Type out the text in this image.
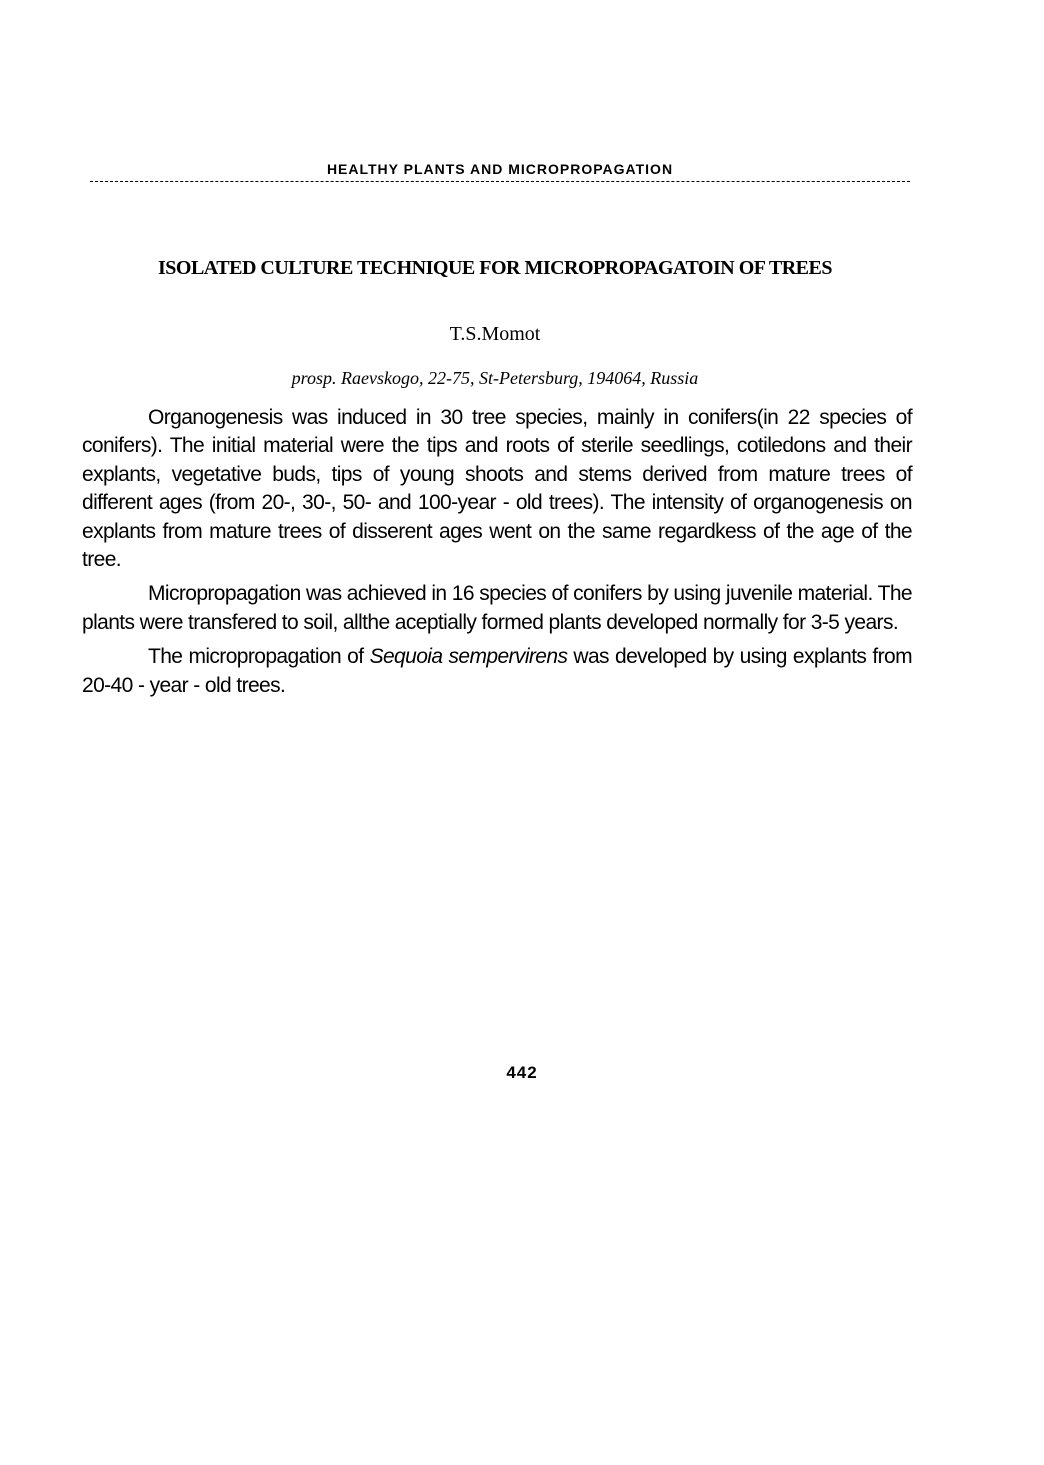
HEALTHY PLANTS AND MICROPROPAGATION
ISOLATED CULTURE TECHNIQUE FOR MICROPROPAGATOIN OF TREES
T.S.Momot
prosp. Raevskogo, 22-75, St-Petersburg, 194064, Russia

Organogenesis was induced in 30 tree species, mainly in conifers(in 22 species of conifers). The initial material were the tips and roots of sterile seedlings, cotiledons and their explants, vegetative buds, tips of young shoots and stems derived from mature trees of different ages (from 20-, 30-, 50- and 100-year - old trees). The intensity of organogenesis on explants from mature trees of disserent ages went on the same regardkess of the age of the tree.

Micropropagation was achieved in 16 species of conifers by using juvenile material. The plants were transfered to soil, allthe aceptially formed plants developed normally for 3-5 years.

The micropropagation of Sequoia sempervirens was developed by using explants from 20-40 - year - old trees.

442
